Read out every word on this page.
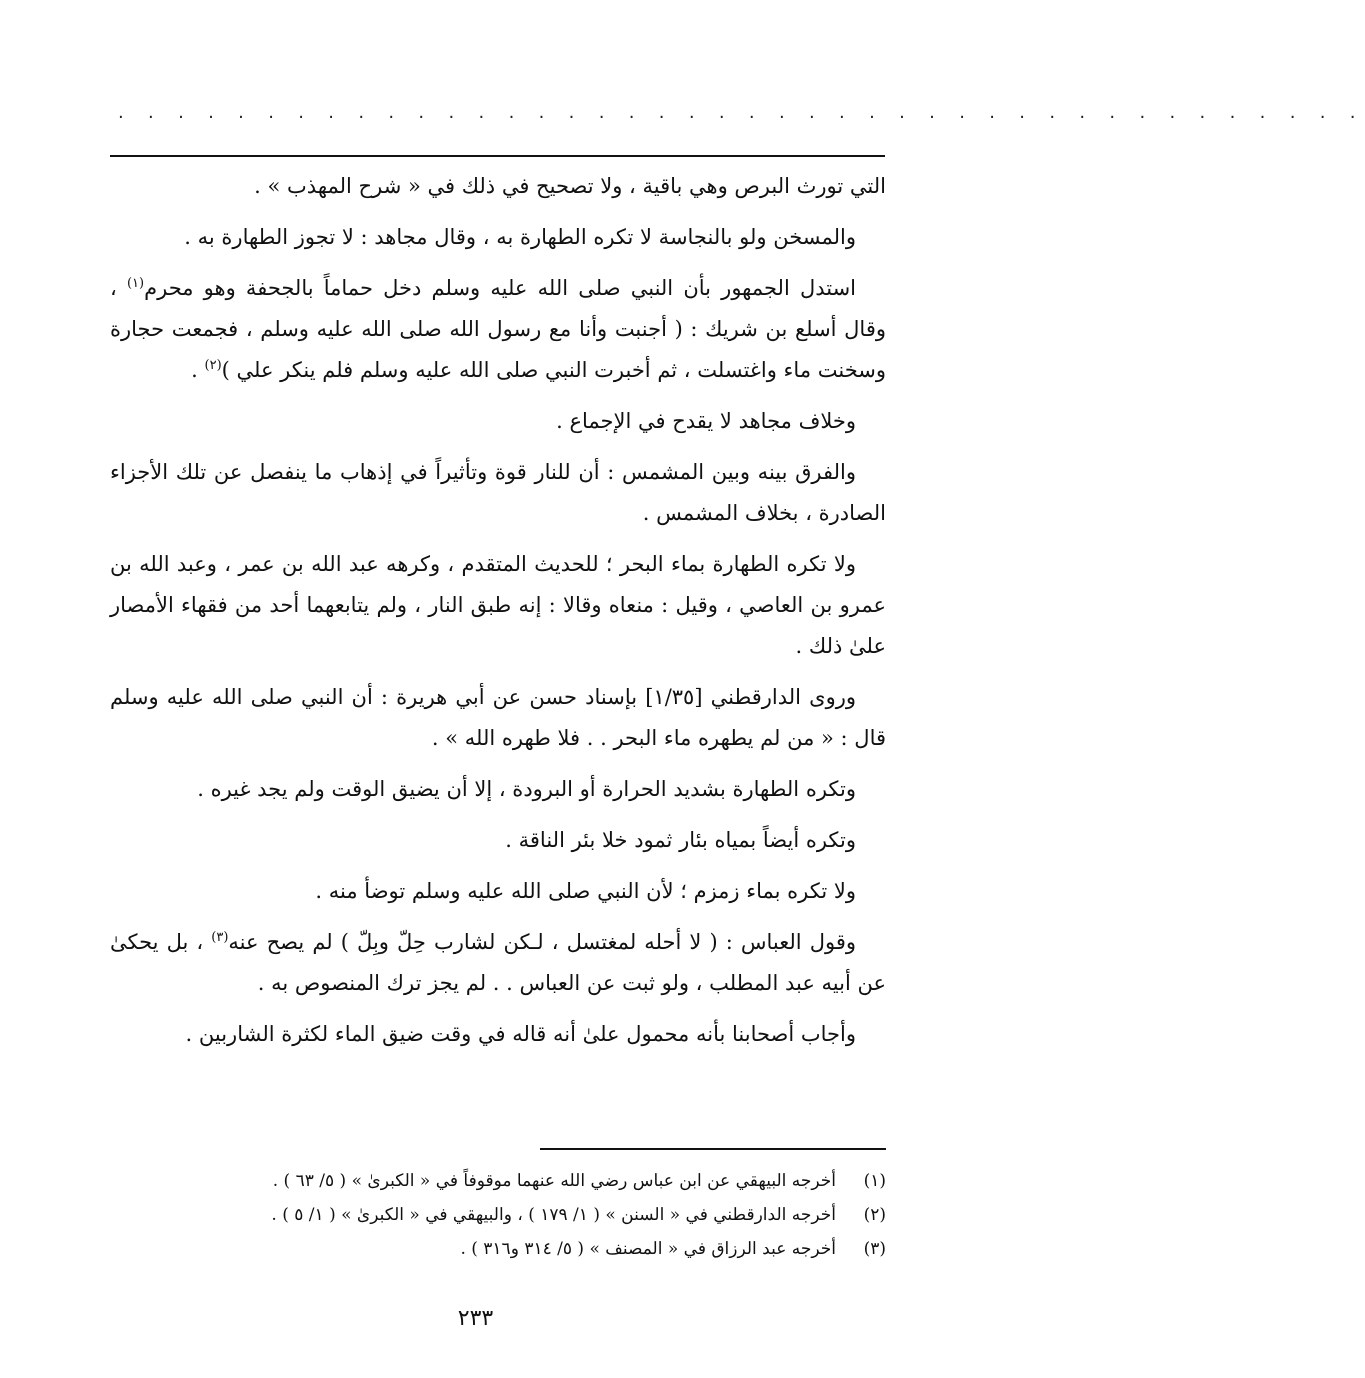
. . . . . . . . . . . . . . . . . . . . . . . . . . . . . . . . . . . . . . . . . .

التي تورث البرص وهي باقية ، ولا تصحيح في ذلك في « شرح المهذب » .

والمسخن ولو بالنجاسة لا تكره الطهارة به ، وقال مجاهد : لا تجوز الطهارة به .

استدل الجمهور بأن النبي صلى الله عليه وسلم دخل حماماً بالجحفة وهو محرم$^{(١)}$ ، وقال أسلع بن شريك : ( أجنبت وأنا مع رسول الله صلى الله عليه وسلم ، فجمعت حجارة وسخنت ماء واغتسلت ، ثم أخبرت النبي صلى الله عليه وسلم فلم ينكر علي )$^{(٢)}$ .

وخلاف مجاهد لا يقدح في الإجماع .

والفرق بينه وبين المشمس : أن للنار قوة وتأثيراً في إذهاب ما ينفصل عن تلك الأجزاء الصادرة ، بخلاف المشمس .

ولا تكره الطهارة بماء البحر ؛ للحديث المتقدم ، وكرهه عبد الله بن عمر ، وعبد الله بن عمرو بن العاصي ، وقيل : منعاه وقالا : إنه طبق النار ، ولم يتابعهما أحد من فقهاء الأمصار علىٰ ذلك .

وروى الدارقطني [١/٣٥] بإسناد حسن عن أبي هريرة : أن النبي صلى الله عليه وسلم قال : « من لم يطهره ماء البحر . . فلا طهره الله » .

وتكره الطهارة بشديد الحرارة أو البرودة ، إلا أن يضيق الوقت ولم يجد غيره .

وتكره أيضاً بمياه بئار ثمود خلا بئر الناقة .

ولا تكره بماء زمزم ؛ لأن النبي صلى الله عليه وسلم توضأ منه .

وقول العباس : ( لا أحله لمغتسل ، لـكن لشارب حِلّ وبِلّ ) لم يصح عنه$^{(٣)}$ ، بل يحكىٰ عن أبيه عبد المطلب ، ولو ثبت عن العباس . . لم يجز ترك المنصوص به .

وأجاب أصحابنا بأنه محمول علىٰ أنه قاله في وقت ضيق الماء لكثرة الشاربين .

(١)
أخرجه البيهقي عن ابن عباس رضي الله عنهما موقوفاً في « الكبرىٰ » ( ٥/ ٦٣ ) .
(٢)
أخرجه الدارقطني في « السنن » ( ١/ ١٧٩ ) ، والبيهقي في « الكبرىٰ » ( ١/ ٥ ) .
(٣)
أخرجه عبد الرزاق في « المصنف » ( ٥/ ٣١٤ و٣١٦ ) .
٢٣٣
